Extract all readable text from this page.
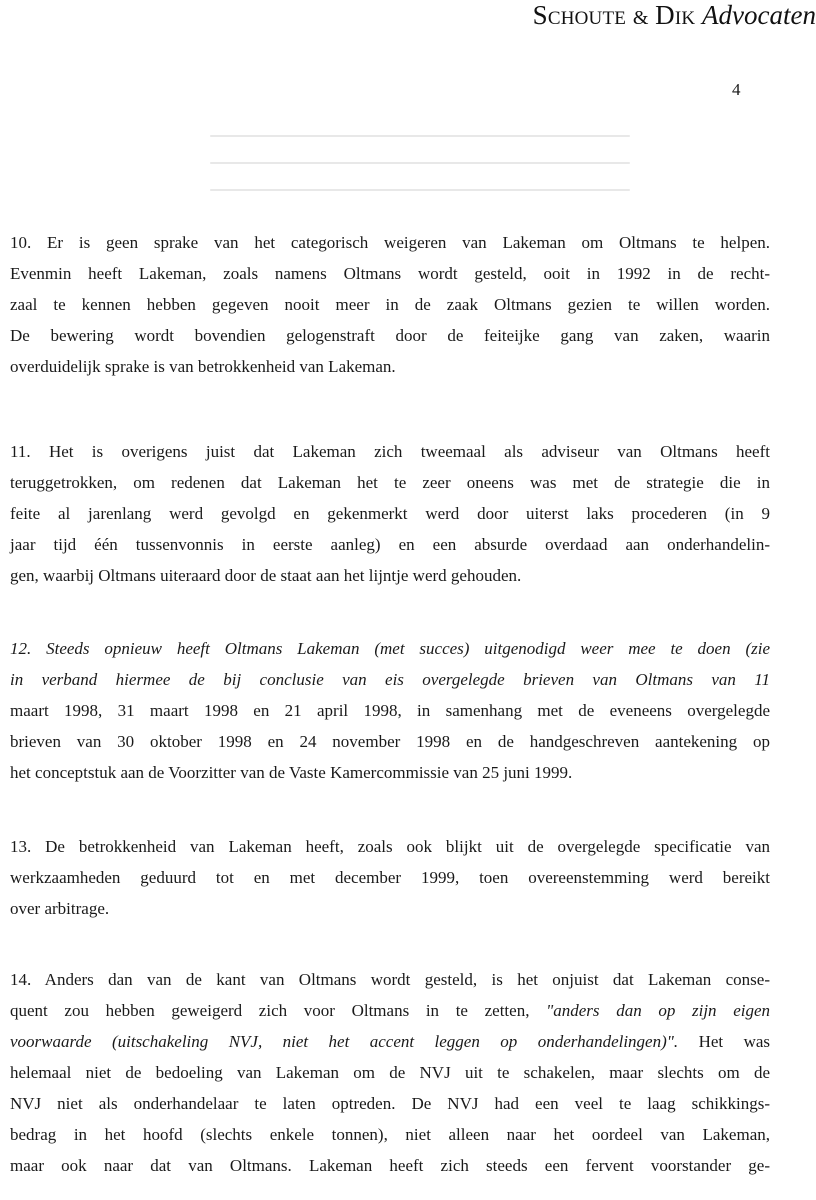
Schoute & Dik Advocaten
4
10. Er is geen sprake van het categorisch weigeren van Lakeman om Oltmans te helpen.
Evenmin heeft Lakeman, zoals namens Oltmans wordt gesteld, ooit in 1992 in de recht-
zaal te kennen hebben gegeven nooit meer in de zaak Oltmans gezien te willen worden.
De bewering wordt bovendien gelogenstraft door de feiteijke gang van zaken, waarin
overduidelijk sprake is van betrokkenheid van Lakeman.
11. Het is overigens juist dat Lakeman zich tweemaal als adviseur van Oltmans heeft
teruggetrokken, om redenen dat Lakeman het te zeer oneens was met de strategie die in
feite al jarenlang werd gevolgd en gekenmerkt werd door uiterst laks procederen (in 9
jaar tijd één tussenvonnis in eerste aanleg) en een absurde overdaad aan onderhandelin-
gen, waarbij Oltmans uiteraard door de staat aan het lijntje werd gehouden.
12. Steeds opnieuw heeft Oltmans Lakeman (met succes) uitgenodigd weer mee te doen (zie
in verband hiermee de bij conclusie van eis overgelegde brieven van Oltmans van 11
maart 1998, 31 maart 1998 en 21 april 1998, in samenhang met de eveneens overgelegde
brieven van 30 oktober 1998 en 24 november 1998 en de handgeschreven aantekening op
het conceptstuk aan de Voorzitter van de Vaste Kamercommissie van 25 juni 1999.
13. De betrokkenheid van Lakeman heeft, zoals ook blijkt uit de overgelegde specificatie van
werkzaamheden geduurd tot en met december 1999, toen overeenstemming werd bereikt
over arbitrage.
14. Anders dan van de kant van Oltmans wordt gesteld, is het onjuist dat Lakeman conse-
quent zou hebben geweigerd zich voor Oltmans in te zetten, "anders dan op zijn eigen
voorwaarde (uitschakeling NVJ, niet het accent leggen op onderhandelingen)". Het was
helemaal niet de bedoeling van Lakeman om de NVJ uit te schakelen, maar slechts om de
NVJ niet als onderhandelaar te laten optreden. De NVJ had een veel te laag schikkings-
bedrag in het hoofd (slechts enkele tonnen), niet alleen naar het oordeel van Lakeman,
maar ook naar dat van Oltmans. Lakeman heeft zich steeds een fervent voorstander ge-
